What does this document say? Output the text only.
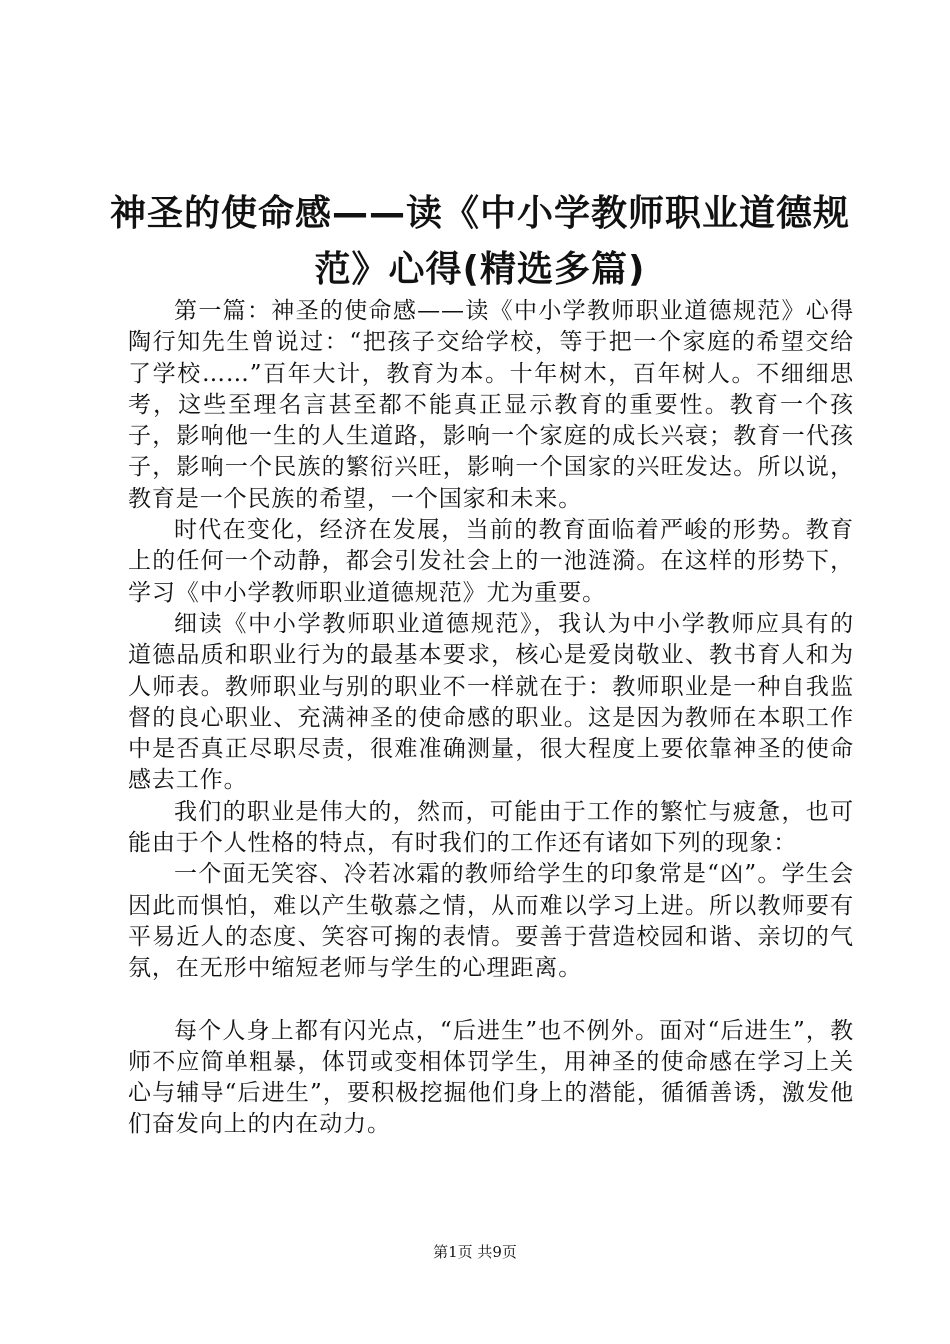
神圣的使命感——读《中小学教师职业道德规
范》心得(精选多篇)

第一篇：神圣的使命感——读《中小学教师职业道德规范》心得陶行知先生曾说过：“把孩子交给学校，等于把一个家庭的希望交给了学校……”百年大计，教育为本。十年树木，百年树人。不细细思考，这些至理名言甚至都不能真正显示教育的重要性。教育一个孩子，影响他一生的人生道路，影响一个家庭的成长兴衰；教育一代孩子，影响一个民族的繁衍兴旺，影响一个国家的兴旺发达。所以说，教育是一个民族的希望，一个国家和未来。

时代在变化，经济在发展，当前的教育面临着严峻的形势。教育上的任何一个动静，都会引发社会上的一池涟漪。在这样的形势下，学习《中小学教师职业道德规范》尤为重要。

细读《中小学教师职业道德规范》，我认为中小学教师应具有的道德品质和职业行为的最基本要求，核心是爱岗敬业、教书育人和为人师表。教师职业与别的职业不一样就在于：教师职业是一种自我监督的良心职业、充满神圣的使命感的职业。这是因为教师在本职工作中是否真正尽职尽责，很难准确测量，很大程度上要依靠神圣的使命感去工作。

我们的职业是伟大的，然而，可能由于工作的繁忙与疲惫，也可能由于个人性格的特点，有时我们的工作还有诸如下列的现象：

一个面无笑容、冷若冰霜的教师给学生的印象常是“凶”。学生会因此而惧怕，难以产生敬慕之情，从而难以学习上进。所以教师要有平易近人的态度、笑容可掬的表情。要善于营造校园和谐、亲切的气氛，在无形中缩短老师与学生的心理距离。

每个人身上都有闪光点，“后进生”也不例外。面对“后进生”，教师不应简单粗暴，体罚或变相体罚学生，用神圣的使命感在学习上关心与辅导“后进生”，要积极挖掘他们身上的潜能，循循善诱，激发他们奋发向上的内在动力。

第1页 共9页
